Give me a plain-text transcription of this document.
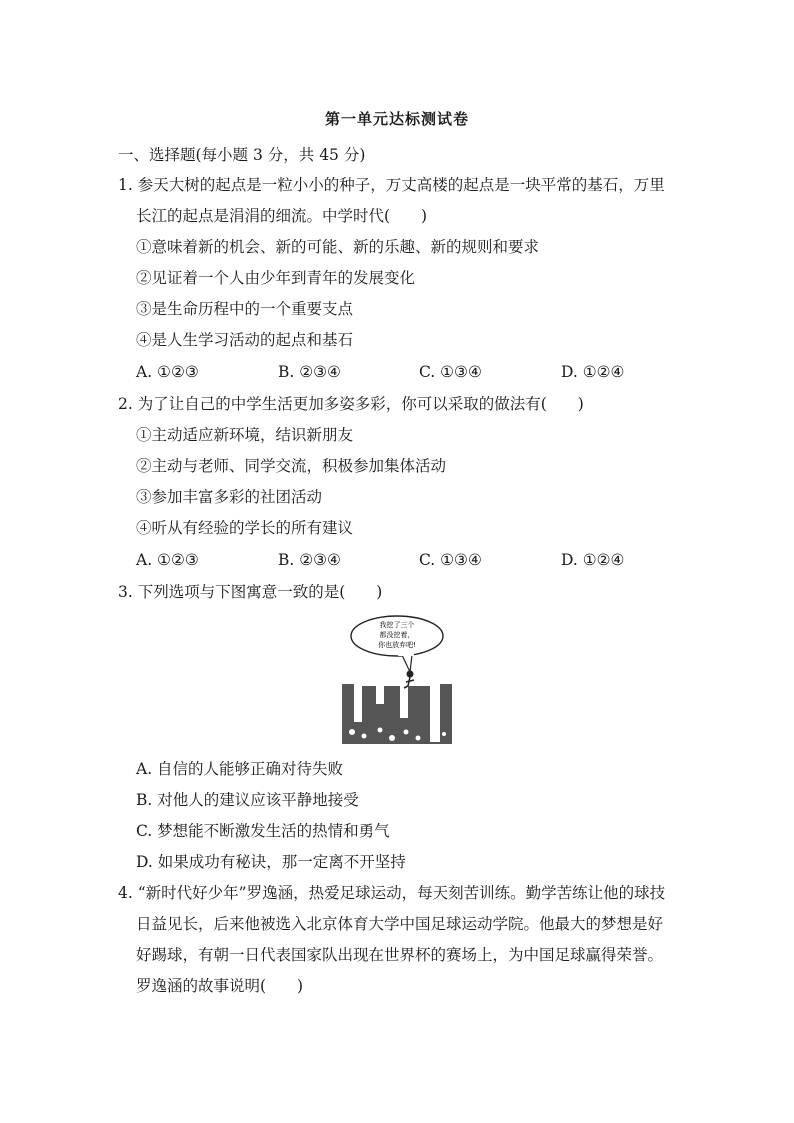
第一单元达标测试卷
一、选择题(每小题 3 分，共 45 分)
1. 参天大树的起点是一粒小小的种子，万丈高楼的起点是一块平常的基石，万里
长江的起点是涓涓的细流。中学时代(　　)
①意味着新的机会、新的可能、新的乐趣、新的规则和要求
②见证着一个人由少年到青年的发展变化
③是生命历程中的一个重要支点
④是人生学习活动的起点和基石
A. ①②③	B. ②③④	C. ①③④	D. ①②④
2. 为了让自己的中学生活更加多姿多彩，你可以采取的做法有(　　)
①主动适应新环境，结识新朋友
②主动与老师、同学交流，积极参加集体活动
③参加丰富多彩的社团活动
④听从有经验的学长的所有建议
A. ①②③	B. ②③④	C. ①③④	D. ①②④
3. 下列选项与下图寓意一致的是(　　)
我挖了三个
都没挖着，
你也放弃吧!
A. 自信的人能够正确对待失败
B. 对他人的建议应该平静地接受
C. 梦想能不断激发生活的热情和勇气
D. 如果成功有秘诀，那一定离不开坚持
4. “新时代好少年”罗逸涵，热爱足球运动，每天刻苦训练。勤学苦练让他的球技
日益见长，后来他被选入北京体育大学中国足球运动学院。他最大的梦想是好
好踢球，有朝一日代表国家队出现在世界杯的赛场上，为中国足球赢得荣誉。
罗逸涵的故事说明(　　)
